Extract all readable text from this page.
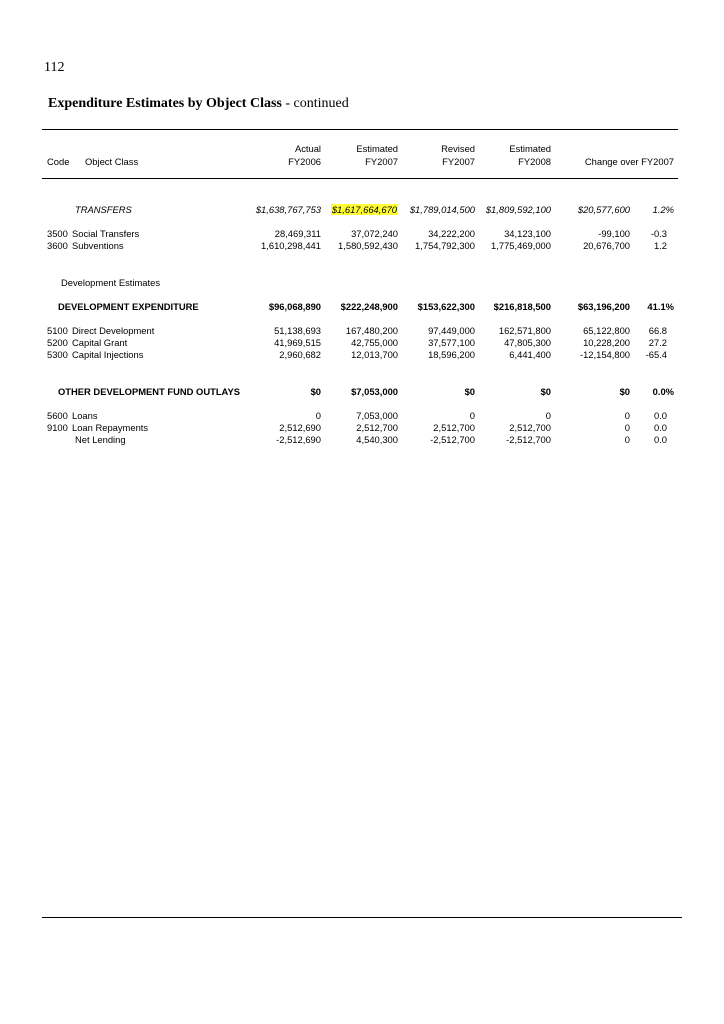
112
Expenditure Estimates by Object Class - continued
Actual	Estimated	Revised	Estimated
Code Object Class	FY2006	FY2007	FY2007	FY2008	Change over FY2007
TRANSFERS	$1,638,767,753 $1,617,664,670 $1,789,014,500 $1,809,592,100	$20,577,600 1.2%
3500 Social Transfers	28,469,311	37,072,240	34,222,200	34,123,100	-99,100 -0.3
3600 Subventions	1,610,298,441 1,580,592,430 1,754,792,300 1,775,469,000	20,676,700	1.2
Development Estimates
DEVELOPMENT EXPENDITURE	$96,068,890 $222,248,900 $153,622,300 $216,818,500	$63,196,200 41.1%
5100 Direct Development	51,138,693	167,480,200	97,449,000	162,571,800	65,122,800 66.8
5200 Capital Grant	41,969,515	42,755,000	37,577,100	47,805,300	10,228,200 27.2
5300 Capital Injections	2,960,682	12,013,700	18,596,200	6,441,400	-12,154,800 -65.4
OTHER DEVELOPMENT FUND OUTLAYS	$0	$7,053,000	$0	$0	$0 0.0%
5600 Loans	0	7,053,000	0	0	0	0.0
9100 Loan Repayments	2,512,690	2,512,700	2,512,700	2,512,700	0	0.0
Net Lending	-2,512,690	4,540,300	-2,512,700	-2,512,700	0	0.0
